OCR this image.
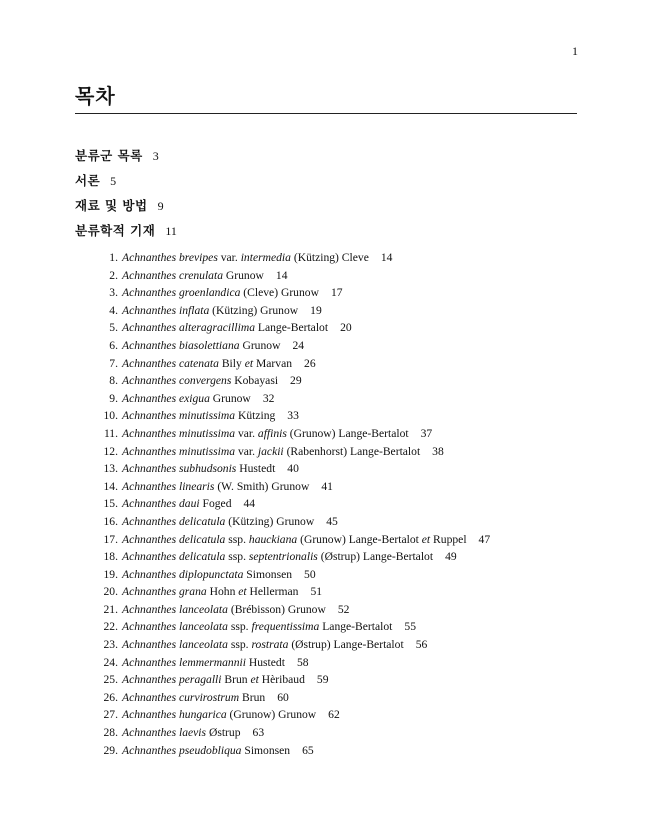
1
목차
분류군 목록 3
서론 5
재료 및 방법 9
분류학적 기재 11
1. Achnanthes brevipes var. intermedia (Kützing) Cleve 14
2. Achnanthes crenulata Grunow 14
3. Achnanthes groenlandica (Cleve) Grunow 17
4. Achnanthes inflata (Kützing) Grunow 19
5. Achnanthes alteragracillima Lange-Bertalot 20
6. Achnanthes biasolettiana Grunow 24
7. Achnanthes catenata Bily et Marvan 26
8. Achnanthes convergens Kobayasi 29
9. Achnanthes exigua Grunow 32
10. Achnanthes minutissima Kützing 33
11. Achnanthes minutissima var. affinis (Grunow) Lange-Bertalot 37
12. Achnanthes minutissima var. jackii (Rabenhorst) Lange-Bertalot 38
13. Achnanthes subhudsonis Hustedt 40
14. Achnanthes linearis (W. Smith) Grunow 41
15. Achnanthes daui Foged 44
16. Achnanthes delicatula (Kützing) Grunow 45
17. Achnanthes delicatula ssp. hauckiana (Grunow) Lange-Bertalot et Ruppel 47
18. Achnanthes delicatula ssp. septentrionalis (Østrup) Lange-Bertalot 49
19. Achnanthes diplopunctata Simonsen 50
20. Achnanthes grana Hohn et Hellerman 51
21. Achnanthes lanceolata (Brébisson) Grunow 52
22. Achnanthes lanceolata ssp. frequentissima Lange-Bertalot 55
23. Achnanthes lanceolata ssp. rostrata (Østrup) Lange-Bertalot 56
24. Achnanthes lemmermannii Hustedt 58
25. Achnanthes peragalli Brun et Hèribaud 59
26. Achnanthes curvirostrum Brun 60
27. Achnanthes hungarica (Grunow) Grunow 62
28. Achnanthes laevis Østrup 63
29. Achnanthes pseudobliqua Simonsen 65
